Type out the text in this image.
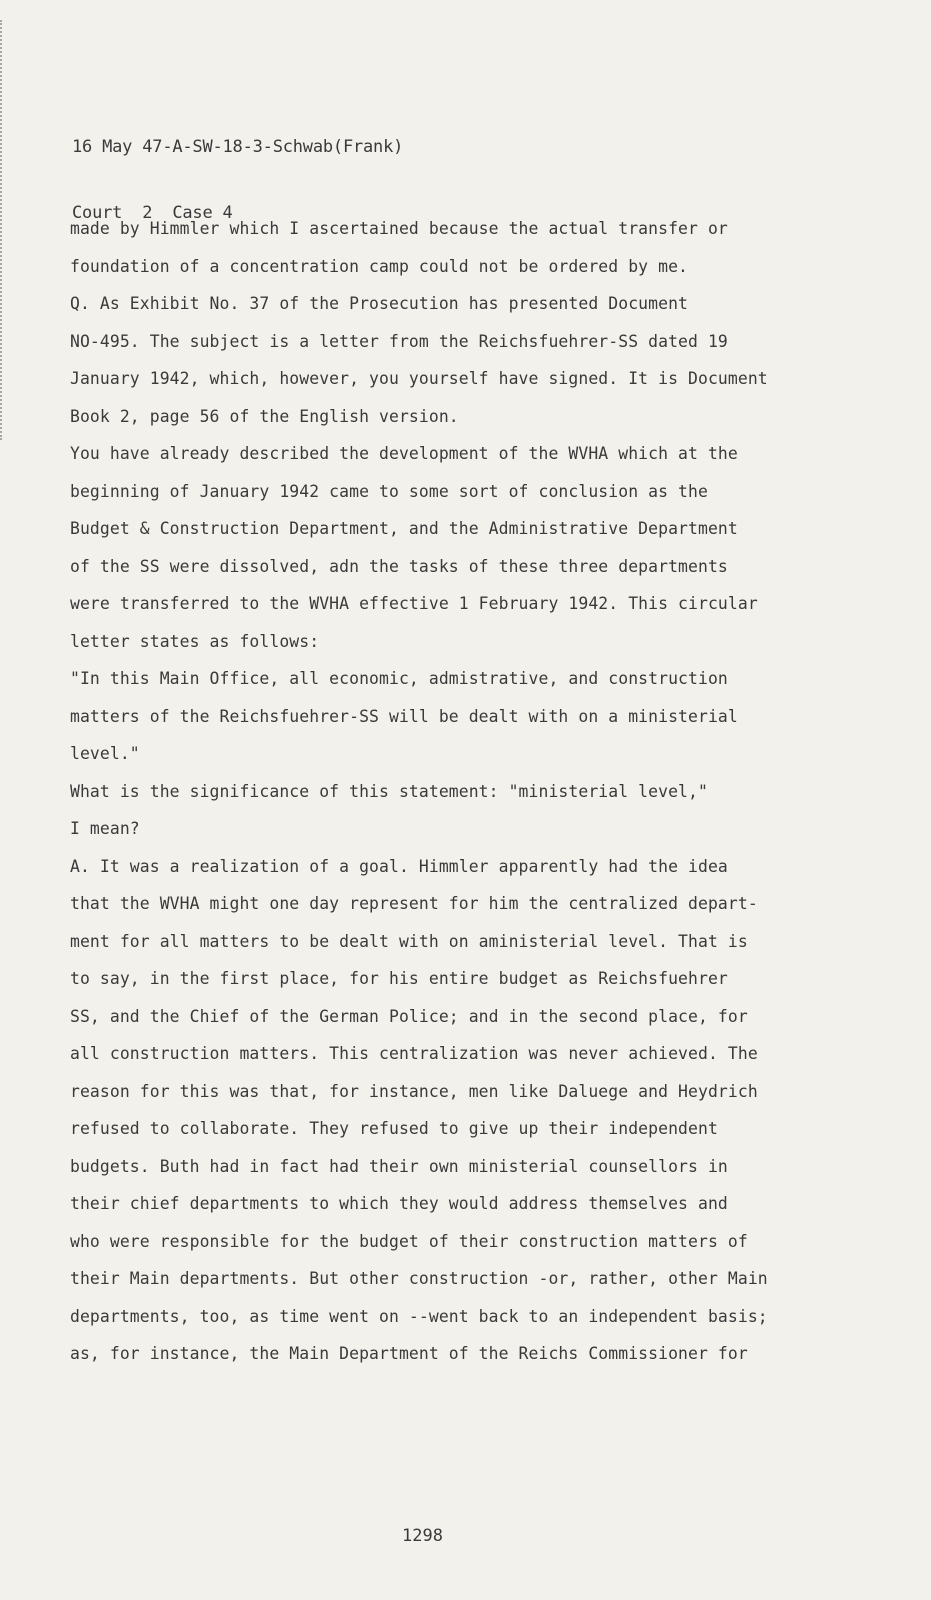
16 May 47-A-SW-18-3-Schwab(Frank)

Court  2  Case 4

made by Himmler which I ascertained because the actual transfer or
foundation of a concentration camp could not be ordered by me.
Q. As Exhibit No. 37 of the Prosecution has presented Document
NO-495. The subject is a letter from the Reichsfuehrer-SS dated 19
January 1942, which, however, you yourself have signed. It is Document
Book 2, page 56 of the English version.
You have already described the development of the WVHA which at the
beginning of January 1942 came to some sort of conclusion as the
Budget & Construction Department, and the Administrative Department
of the SS were dissolved, adn the tasks of these three departments
were transferred to the WVHA effective 1 February 1942. This circular
letter states as follows:
"In this Main Office, all economic, admistrative, and construction
matters of the Reichsfuehrer-SS will be dealt with on a ministerial
level."
What is the significance of this statement: "ministerial level,"
I mean?
A. It was a realization of a goal. Himmler apparently had the idea
that the WVHA might one day represent for him the centralized depart-
ment for all matters to be dealt with on aministerial level. That is
to say, in the first place, for his entire budget as Reichsfuehrer
SS, and the Chief of the German Police; and in the second place, for
all construction matters. This centralization was never achieved. The
reason for this was that, for instance, men like Daluege and Heydrich
refused to collaborate. They refused to give up their independent
budgets. Buth had in fact had their own ministerial counsellors in
their chief departments to which they would address themselves and
who were responsible for the budget of their construction matters of
their Main departments. But other construction -or, rather, other Main
departments, too, as time went on --went back to an independent basis;
as, for instance, the Main Department of the Reichs Commissioner for
1298
